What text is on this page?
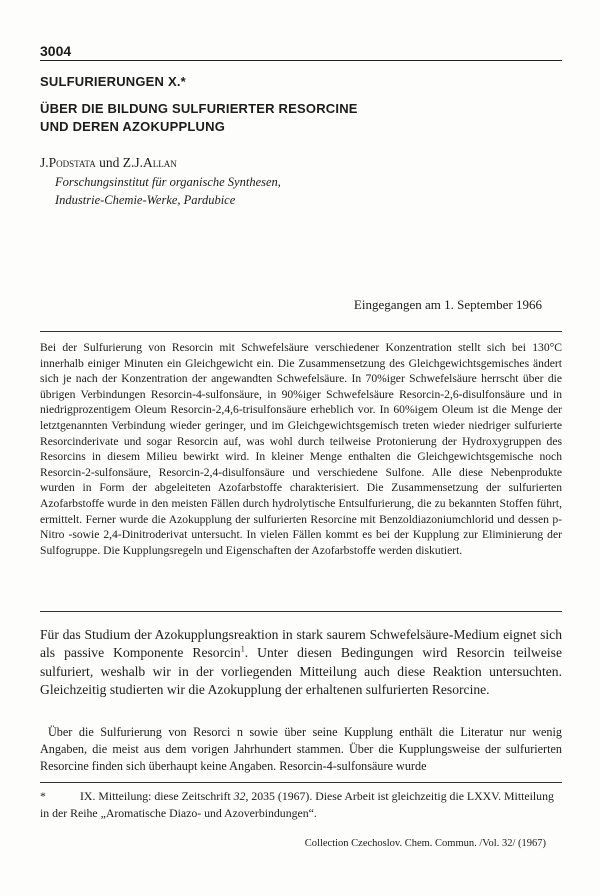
3004
SULFURIERUNGEN X.*
ÜBER DIE BILDUNG SULFURIERTER RESORCINE
UND DEREN AZOKUPPLUNG
J.Podstata und Z.J.Allan
Forschungsinstitut für organische Synthesen,
Industrie-Chemie-Werke, Pardubice
Eingegangen am 1. September 1966

Bei der Sulfurierung von Resorcin mit Schwefelsäure verschiedener Konzentration stellt sich bei 130°C innerhalb einiger Minuten ein Gleichgewicht ein. Die Zusammensetzung des Gleichgewichtsgemisches ändert sich je nach der Konzentration der angewandten Schwefelsäure. In 70%iger Schwefelsäure herrscht über die übrigen Verbindungen Resorcin-4-sulfonsäure, in 90%iger Schwefelsäure Resorcin-2,6-disulfonsäure und in niedrigprozentigem Oleum Resorcin-2,4,6-trisulfonsäure erheblich vor. In 60%igem Oleum ist die Menge der letztgenannten Verbindung wieder geringer, und im Gleichgewichtsgemisch treten wieder niedriger sulfurierte Resorcinderivate und sogar Resorcin auf, was wohl durch teilweise Protonierung der Hydroxygruppen des Resorcins in diesem Milieu bewirkt wird. In kleiner Menge enthalten die Gleichgewichtsgemische noch Resorcin-2-sulfonsäure, Resorcin-2,4-disulfonsäure und verschiedene Sulfone. Alle diese Nebenprodukte wurden in Form der abgeleiteten Azofarbstoffe charakterisiert. Die Zusammensetzung der sulfurierten Azofarbstoffe wurde in den meisten Fällen durch hydrolytische Entsulfurierung, die zu bekannten Stoffen führt, ermittelt. Ferner wurde die Azokupplung der sulfurierten Resorcine mit Benzoldiazoniumchlorid und dessen p-Nitro -sowie 2,4-Dinitroderivat untersucht. In vielen Fällen kommt es bei der Kupplung zur Eliminierung der Sulfogruppe. Die Kupplungsregeln und Eigenschaften der Azofarbstoffe werden diskutiert.

Für das Studium der Azokupplungsreaktion in stark saurem Schwefelsäure-Medium eignet sich als passive Komponente Resorcin$^1$. Unter diesen Bedingungen wird Resorcin teilweise sulfuriert, weshalb wir in der vorliegenden Mitteilung auch diese Reaktion untersuchten. Gleichzeitig studierten wir die Azokupplung der erhaltenen sulfurierten Resorcine.

Über die Sulfurierung von Resorci n sowie über seine Kupplung enthält die Literatur nur wenig Angaben, die meist aus dem vorigen Jahrhundert stammen. Über die Kupplungsweise der sulfurierten Resorcine finden sich überhaupt keine Angaben. Resorcin-4-sulfonsäure wurde

*	IX. Mitteilung: diese Zeitschrift 32, 2035 (1967). Diese Arbeit ist gleichzeitig die LXXV. Mitteilung in der Reihe „Aromatische Diazo- und Azoverbindungen“.

Collection Czechoslov. Chem. Commun. /Vol. 32/ (1967)
